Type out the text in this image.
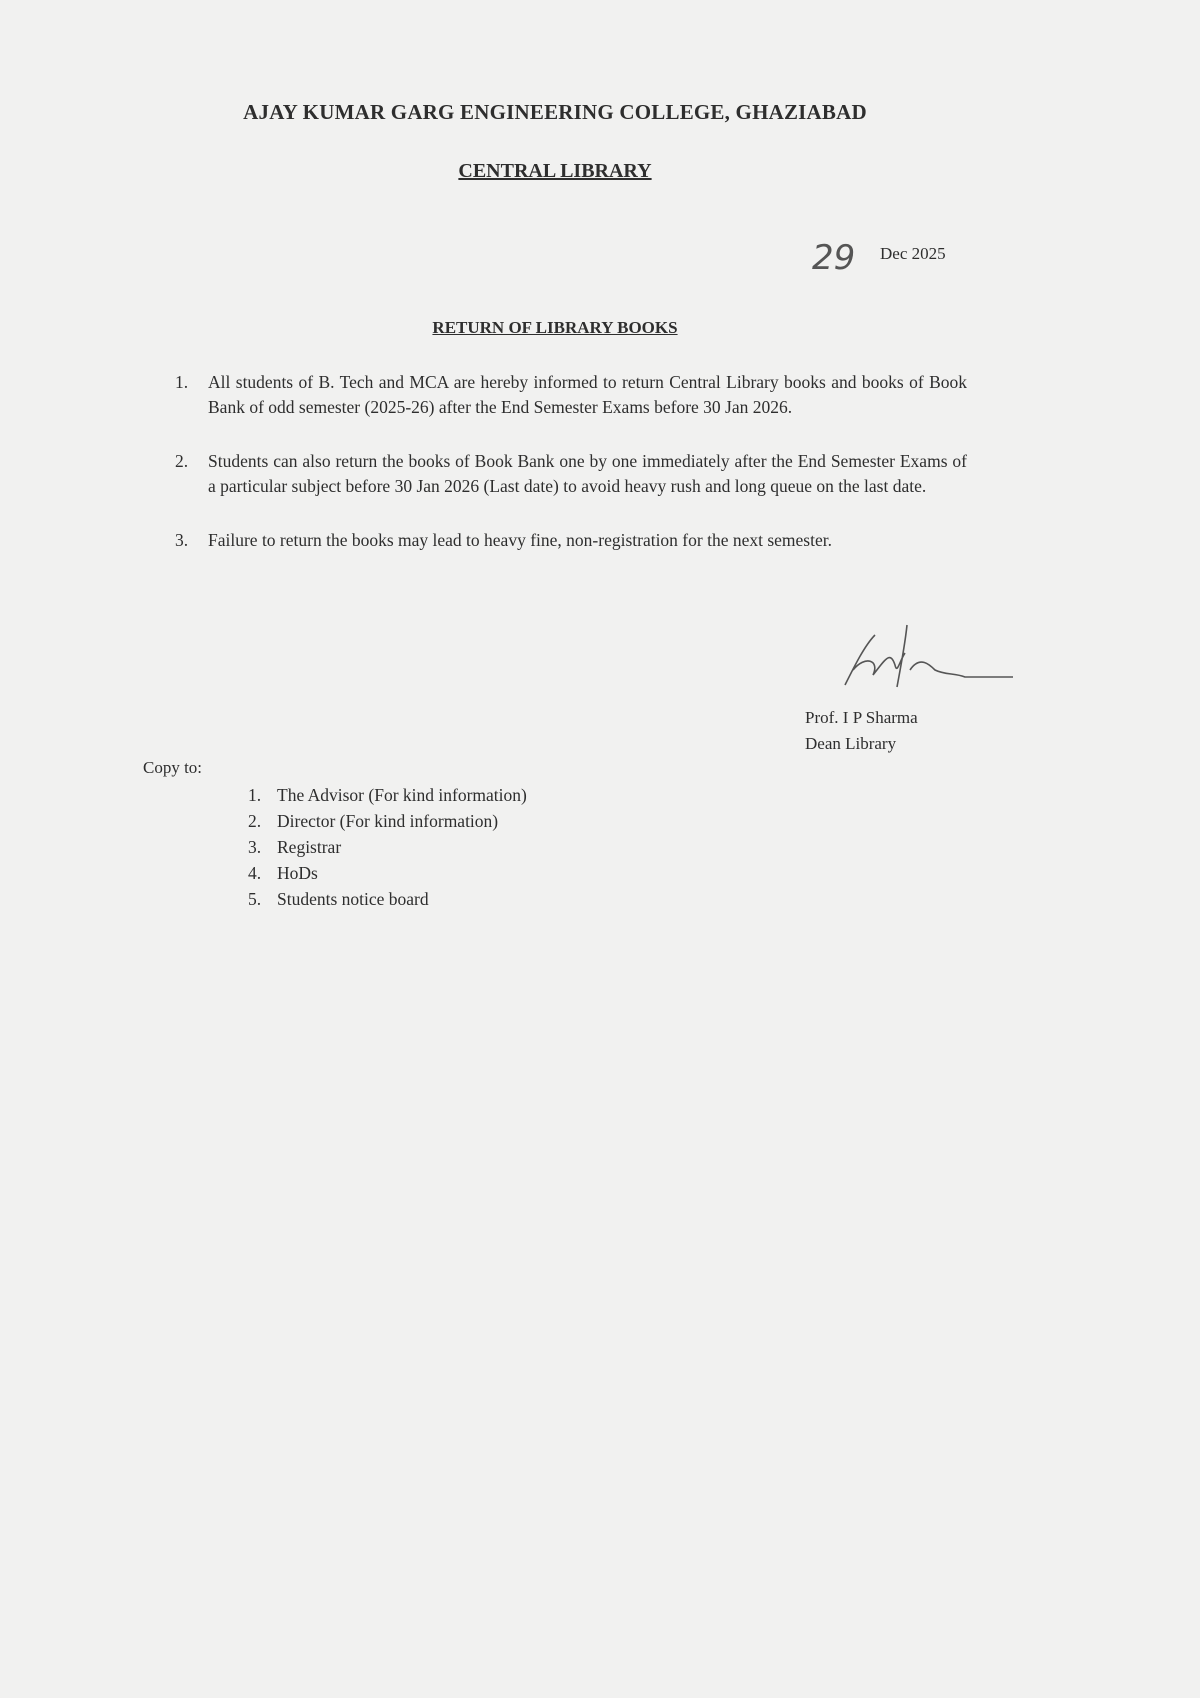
AJAY KUMAR GARG ENGINEERING COLLEGE, GHAZIABAD
CENTRAL LIBRARY
29 Dec 2025
RETURN OF LIBRARY BOOKS
1.	All students of B. Tech and MCA are hereby informed to return Central Library books and books of Book Bank of odd semester (2025-26) after the End Semester Exams before 30 Jan 2026.
2.	Students can also return the books of Book Bank one by one immediately after the End Semester Exams of a particular subject before 30 Jan 2026 (Last date) to avoid heavy rush and long queue on the last date.
3.	Failure to return the books may lead to heavy fine, non-registration for the next semester.
Prof. I P Sharma
Dean Library
Copy to:
1. The Advisor (For kind information)
2. Director (For kind information)
3. Registrar
4. HoDs
5. Students notice board
